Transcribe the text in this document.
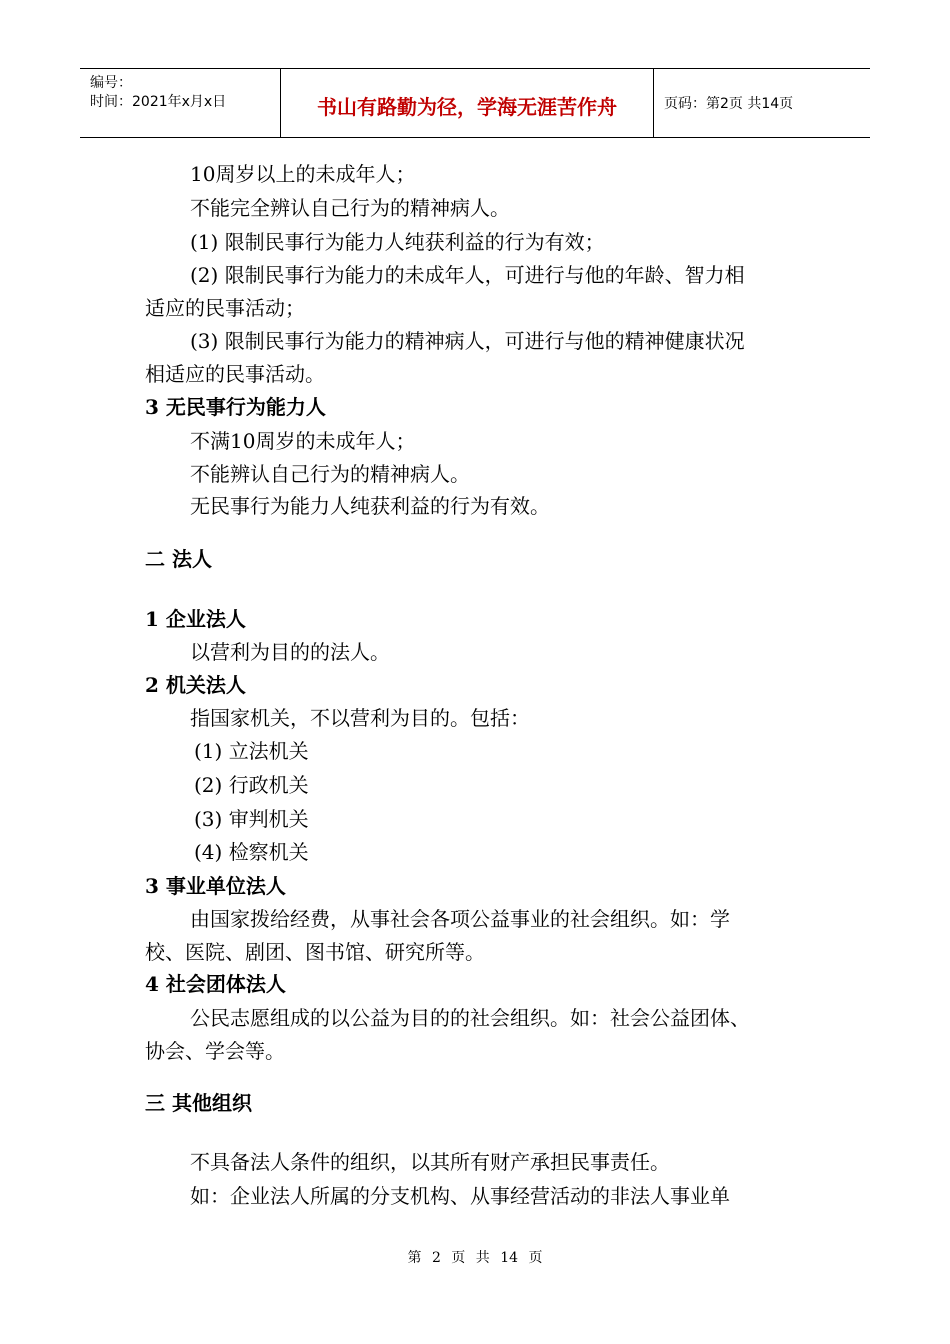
编号：
时间：2021年x月x日	书山有路勤为径，学海无涯苦作舟	页码：第2页 共14页
10周岁以上的未成年人；
不能完全辨认自己行为的精神病人。
(1) 限制民事行为能力人纯获利益的行为有效；
(2) 限制民事行为能力的未成年人，可进行与他的年龄、智力相
适应的民事活动；
(3) 限制民事行为能力的精神病人，可进行与他的精神健康状况
相适应的民事活动。
3 无民事行为能力人
不满10周岁的未成年人；
不能辨认自己行为的精神病人。
无民事行为能力人纯获利益的行为有效。
二 法人
1 企业法人
以营利为目的的法人。
2 机关法人
指国家机关，不以营利为目的。包括：
(1) 立法机关
(2) 行政机关
(3) 审判机关
(4) 检察机关
3 事业单位法人
由国家拨给经费，从事社会各项公益事业的社会组织。如：学
校、医院、剧团、图书馆、研究所等。
4 社会团体法人
公民志愿组成的以公益为目的的社会组织。如：社会公益团体、
协会、学会等。
三 其他组织
不具备法人条件的组织，以其所有财产承担民事责任。
如：企业法人所属的分支机构、从事经营活动的非法人事业单
第 2 页 共 14 页
